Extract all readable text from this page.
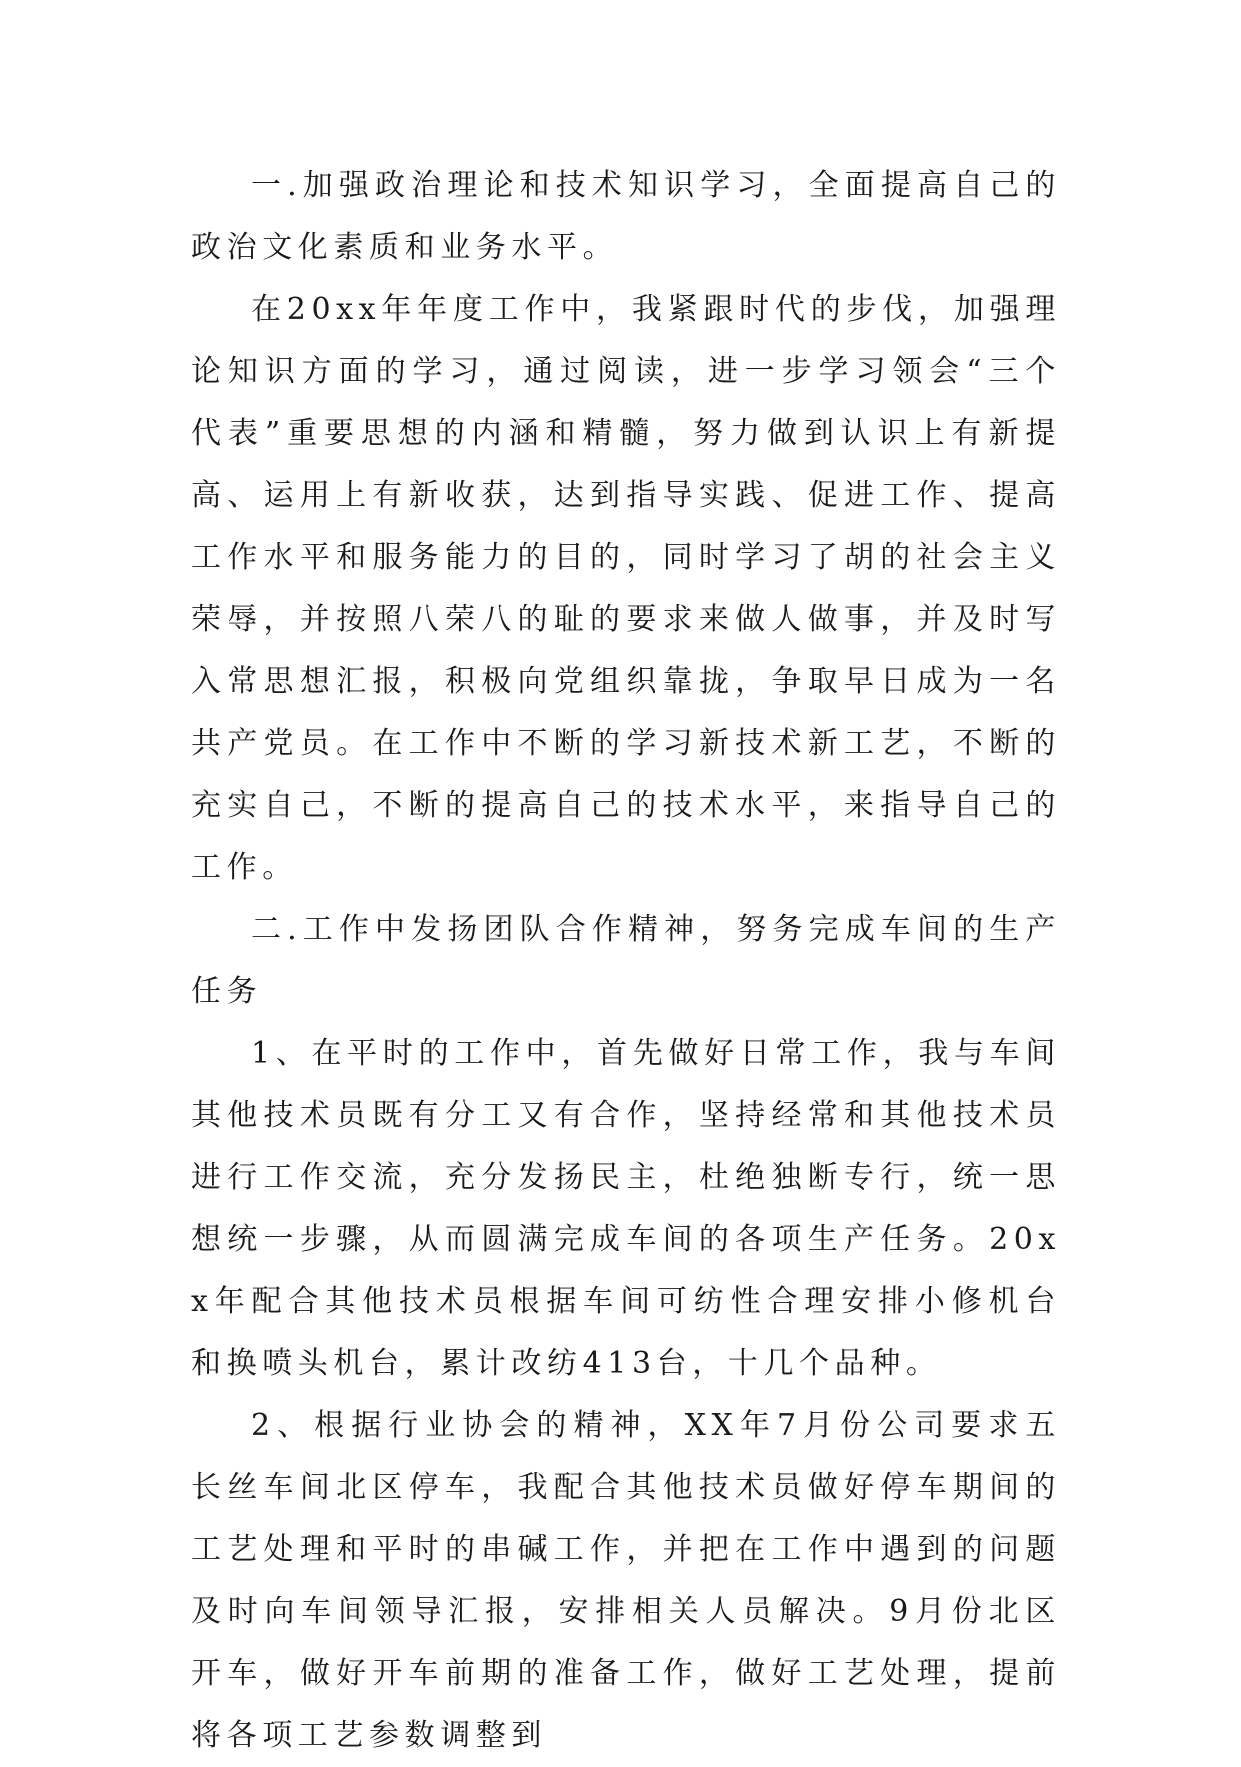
一.加强政治理论和技术知识学习，全面提高自己的政治文化素质和业务水平。

在20xx年年度工作中，我紧跟时代的步伐，加强理论知识方面的学习，通过阅读，进一步学习领会“三个代表”重要思想的内涵和精髓，努力做到认识上有新提高、运用上有新收获，达到指导实践、促进工作、提高工作水平和服务能力的目的，同时学习了胡的社会主义荣辱，并按照八荣八的耻的要求来做人做事，并及时写入常思想汇报，积极向党组织靠拢，争取早日成为一名共产党员。在工作中不断的学习新技术新工艺，不断的充实自己，不断的提高自己的技术水平，来指导自己的工作。

二.工作中发扬团队合作精神，努务完成车间的生产任务

1、在平时的工作中，首先做好日常工作，我与车间其他技术员既有分工又有合作，坚持经常和其他技术员进行工作交流，充分发扬民主，杜绝独断专行，统一思想统一步骤，从而圆满完成车间的各项生产任务。20xx年配合其他技术员根据车间可纺性合理安排小修机台和换喷头机台，累计改纺413台，十几个品种。

2、根据行业协会的精神，XX年7月份公司要求五长丝车间北区停车，我配合其他技术员做好停车期间的工艺处理和平时的串碱工作，并把在工作中遇到的问题及时向车间领导汇报，安排相关人员解决。9月份北区开车，做好开车前期的准备工作，做好工艺处理，提前将各项工艺参数调整到
